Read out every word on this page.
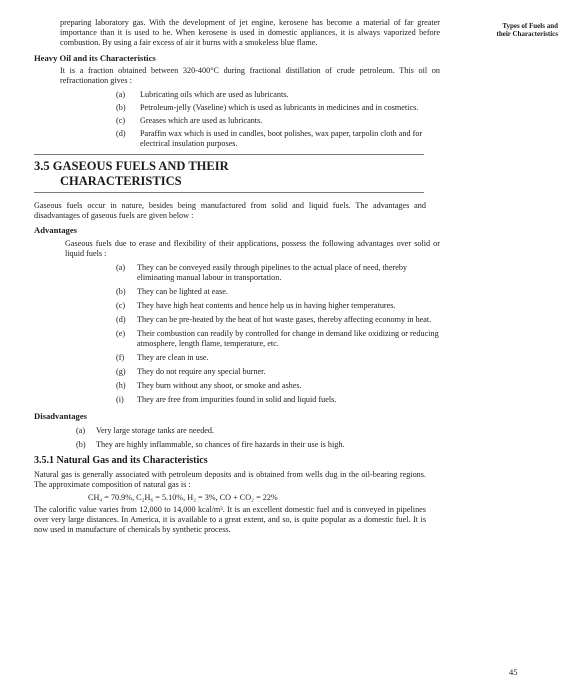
Types of Fuels and
their Characteristics

preparing laboratory gas. With the development of jet engine, kerosene has become a material of far greater importance than it is used to be. When kerosene is used in domestic appliances, it is always vaporized before combustion. By using a fair excess of air it burns with a smokeless blue flame.

Heavy Oil and its Characteristics

It is a fraction obtained between 320-400°C during fractional distillation of crude petroleum. This oil on refractionation gives :

(a)	Lubricating oils which are used as lubricants.
(b)	Petroleum-jelly (Vaseline) which is used as lubricants in medicines and in cosmetics.
(c)	Greases which are used as lubricants.
(d)	Paraffin wax which is used in candles, boot polishes, wax paper, tarpolin cloth and for electrical insulation purposes.
3.5 GASEOUS FUELS AND THEIR
CHARACTERISTICS

Gaseous fuels occur in nature, besides being manufactured from solid and liquid fuels. The advantages and disadvantages of gaseous fuels are given below :

Advantages

Gaseous fuels due to erase and flexibility of their applications, possess the following advantages over solid or liquid fuels :

(a)	They can be conveyed easily through pipelines to the actual place of need, thereby eliminating manual labour in transportation.
(b)	They can be lighted at ease.
(c)	They have high heat contents and hence help us in having higher temperatures.
(d)	They can be pre-heated by the heat of hot waste gases, thereby affecting economy in heat.
(e)	Their combustion can readily by controlled for change in demand like oxidizing or reducing atmosphere, length flame, temperature, etc.
(f)	They are clean in use.
(g)	They do not require any special burner.
(h)	They burn without any shoot, or smoke and ashes.
(i)	They are free from impurities found in solid and liquid fuels.
Disadvantages
(a)	Very large storage tanks are needed.
(b)	They are highly inflammable, so chances of fire hazards in their use is high.
3.5.1 Natural Gas and its Characteristics

Natural gas is generally associated with petroleum deposits and is obtained from wells dug in the oil-bearing regions. The approximate composition of natural gas is :

CH₄ = 70.9%, C₂H₆ = 5.10%, H₂ = 3%, CO + CO₂ = 22%

The calorific value varies from 12,000 to 14,000 kcal/m³. It is an excellent domestic fuel and is conveyed in pipelines over very large distances. In America, it is available to a great extent, and so, is quite popular as a domestic fuel. It is now used in manufacture of chemicals by synthetic process.

45
